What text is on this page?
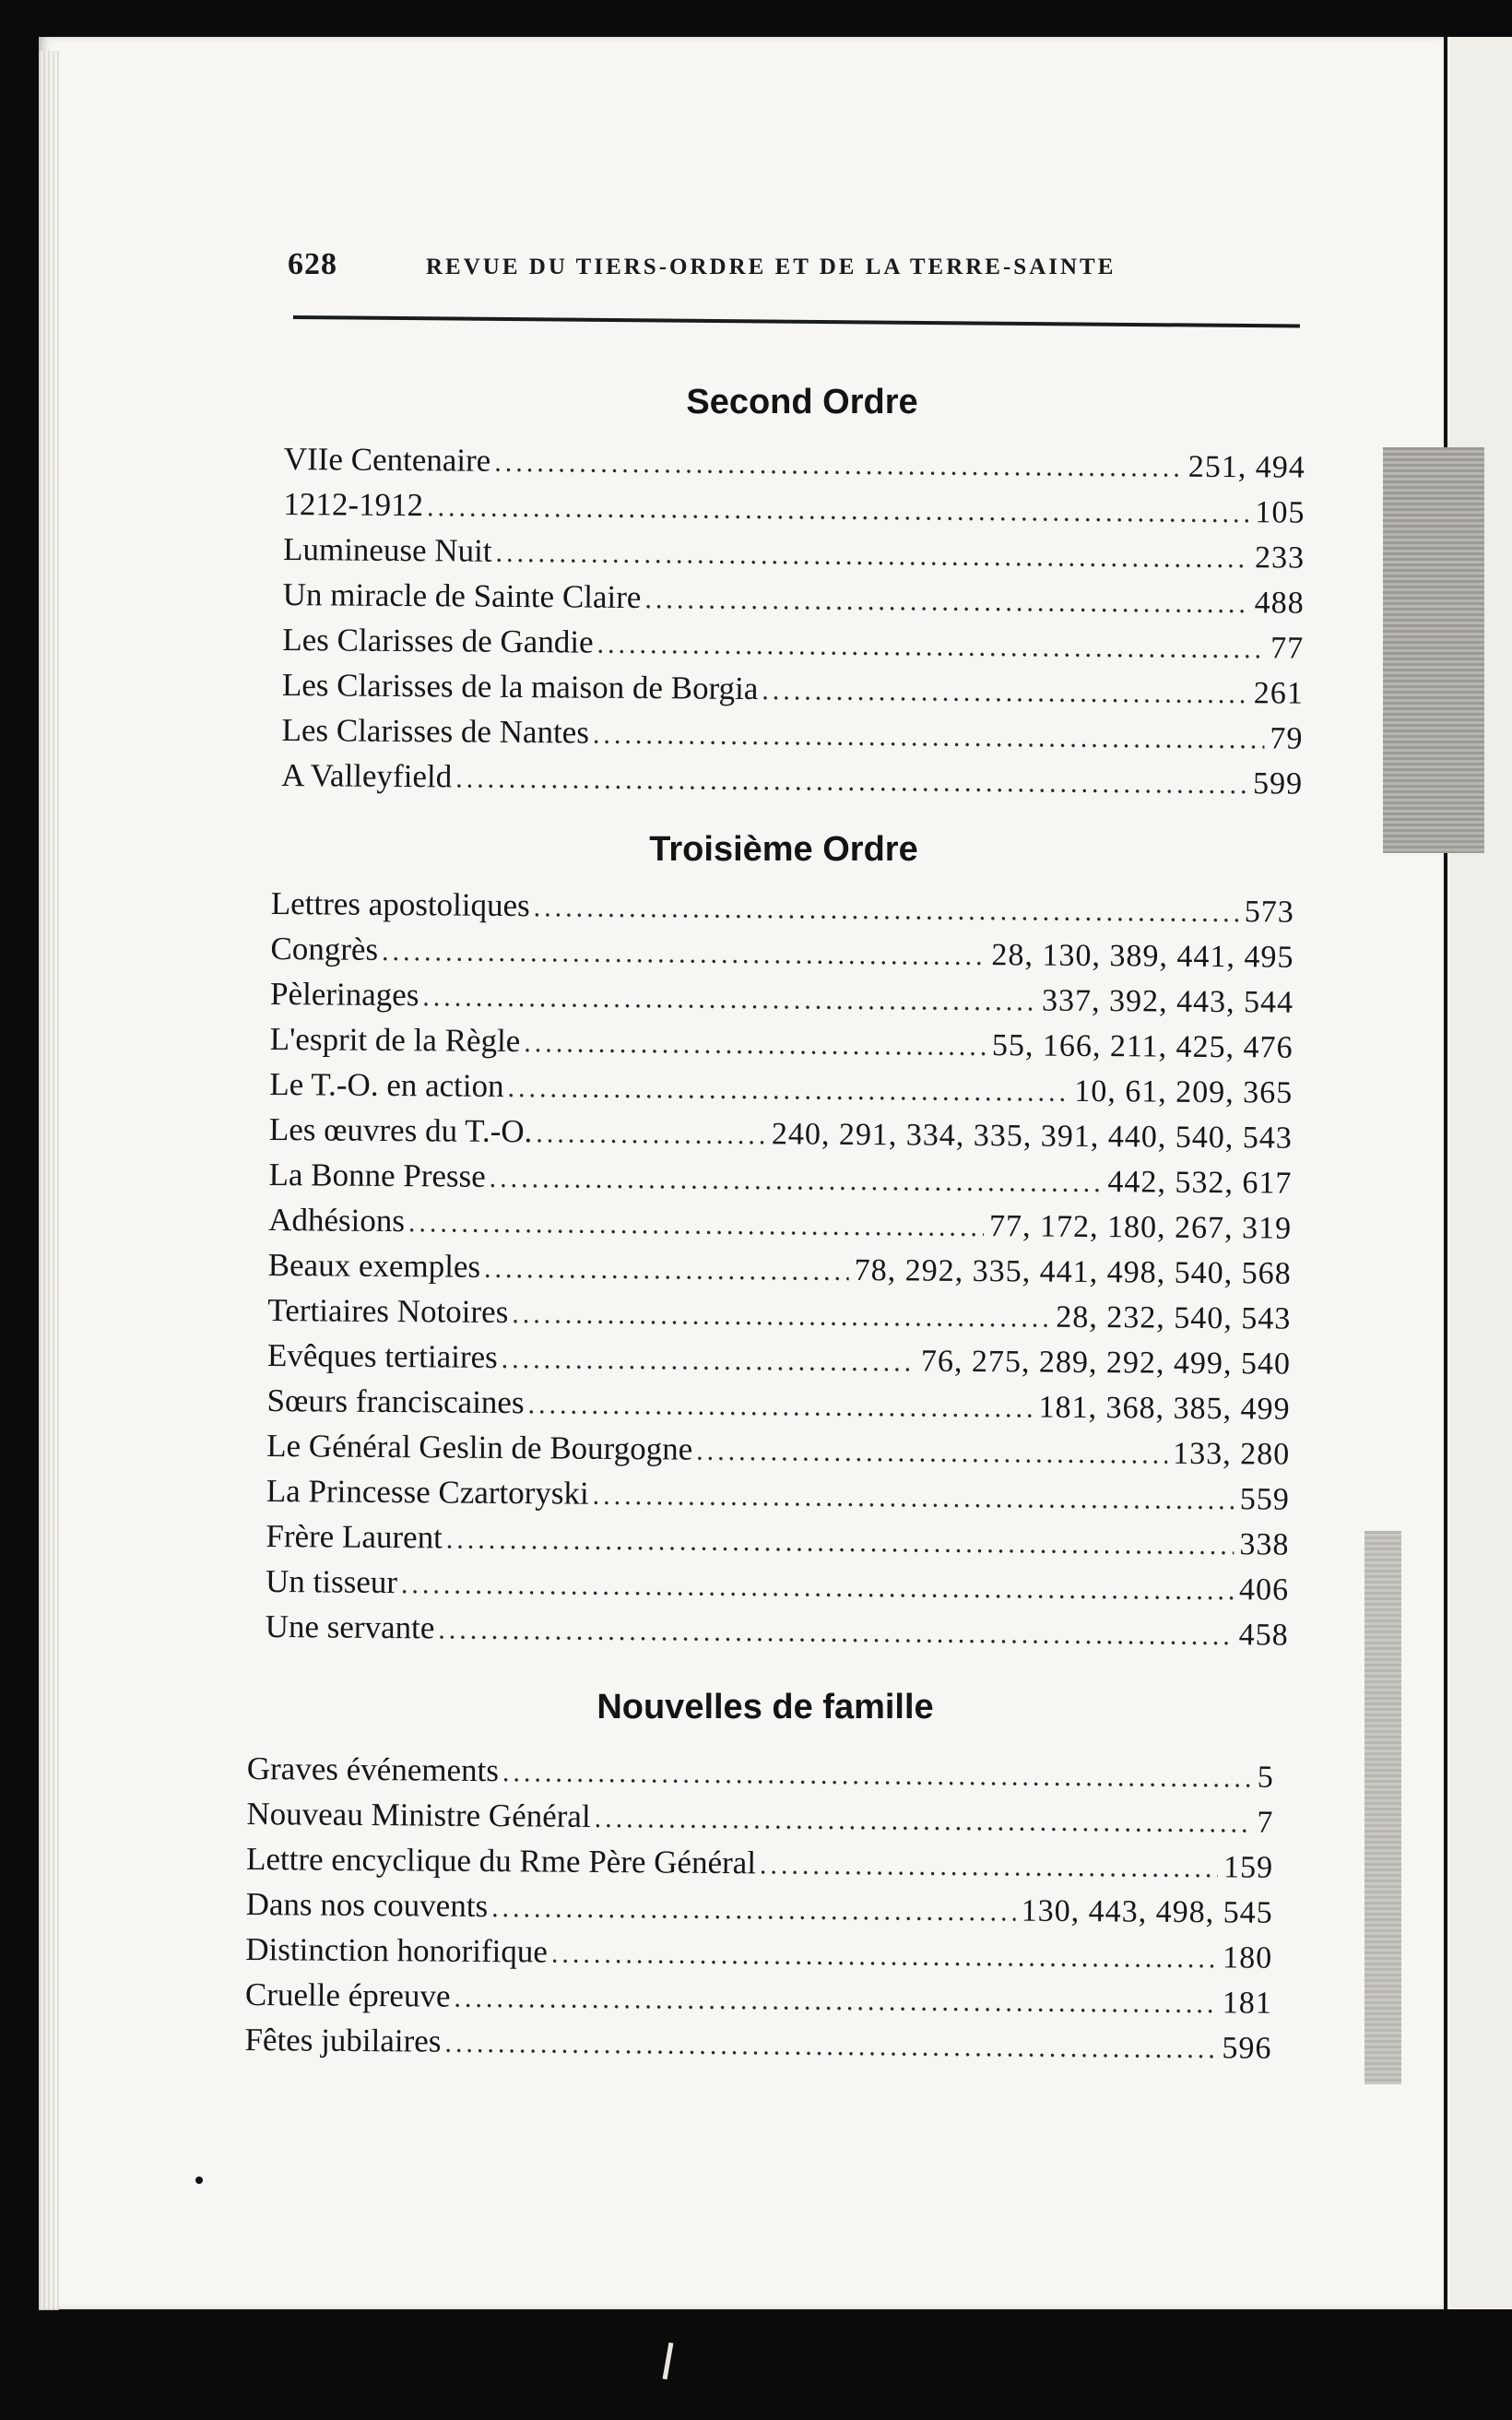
628	REVUE DU TIERS-ORDRE ET DE LA TERRE-SAINTE
Second Ordre
VIIe Centenaire .....	251, 494
1212-1912 .....	105
Lumineuse Nuit .....	233
Un miracle de Sainte Claire .....	488
Les Clarisses de Gandie .....	77
Les Clarisses de la maison de Borgia .....	261
Les Clarisses de Nantes .....	79
A Valleyfield .....	599
Troisième Ordre
Lettres apostoliques .....	573
Congrès .....	28, 130, 389, 441, 495
Pèlerinages .....	337, 392, 443, 544
L'esprit de la Règle .....	55, 166, 211, 425, 476
Le T.-O. en action .....	10, 61, 209, 365
Les œuvres du T.-O. .....	240, 291, 334, 335, 391, 440, 540, 543
La Bonne Presse .....	442, 532, 617
Adhésions .....	77, 172, 180, 267, 319
Beaux exemples .....	78, 292, 335, 441, 498, 540, 568
Tertiaires Notoires .....	28, 232, 540, 543
Evêques tertiaires .....	76, 275, 289, 292, 499, 540
Sœurs franciscaines .....	181, 368, 385, 499
Le Général Geslin de Bourgogne .....	133, 280
La Princesse Czartoryski .....	559
Frère Laurent .....	338
Un tisseur .....	406
Une servante .....	458
Nouvelles de famille
Graves événements .....	5
Nouveau Ministre Général .....	7
Lettre encyclique du Rme Père Général .....	159
Dans nos couvents .....	130, 443, 498, 545
Distinction honorifique .....	180
Cruelle épreuve .....	181
Fêtes jubilaires .....	596
